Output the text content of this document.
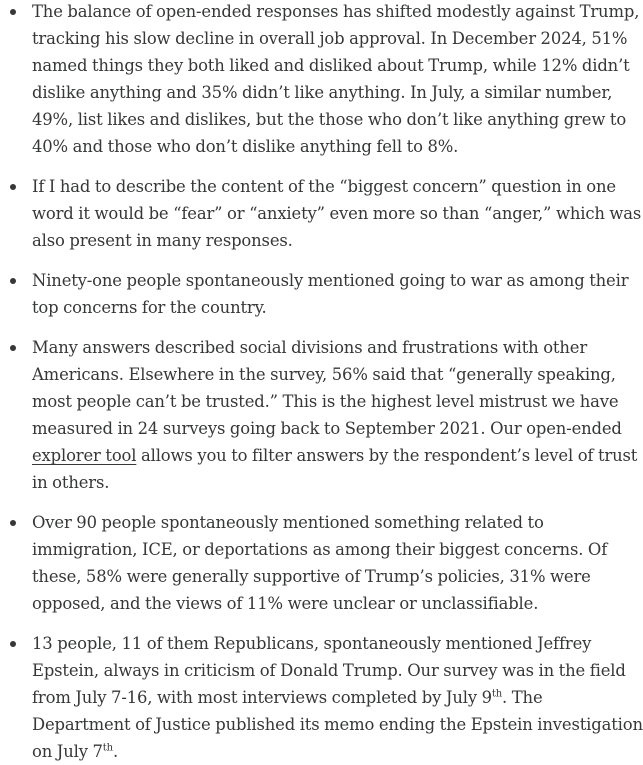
The balance of open-ended responses has shifted modestly against Trump, tracking his slow decline in overall job approval. In December 2024, 51% named things they both liked and disliked about Trump, while 12% didn’t dislike anything and 35% didn’t like anything. In July, a similar number, 49%, list likes and dislikes, but the those who don’t like anything grew to 40% and those who don’t dislike anything fell to 8%.
If I had to describe the content of the “biggest concern” question in one word it would be “fear” or “anxiety” even more so than “anger,” which was also present in many responses.
Ninety-one people spontaneously mentioned going to war as among their top concerns for the country.
Many answers described social divisions and frustrations with other Americans. Elsewhere in the survey, 56% said that “generally speaking, most people can’t be trusted.” This is the highest level mistrust we have measured in 24 surveys going back to September 2021. Our open-ended explorer tool allows you to filter answers by the respondent’s level of trust in others.
Over 90 people spontaneously mentioned something related to immigration, ICE, or deportations as among their biggest concerns. Of these, 58% were generally supportive of Trump’s policies, 31% were opposed, and the views of 11% were unclear or unclassifiable.
13 people, 11 of them Republicans, spontaneously mentioned Jeffrey Epstein, always in criticism of Donald Trump. Our survey was in the field from July 7-16, with most interviews completed by July 9th. The Department of Justice published its memo ending the Epstein investigation on July 7th.
